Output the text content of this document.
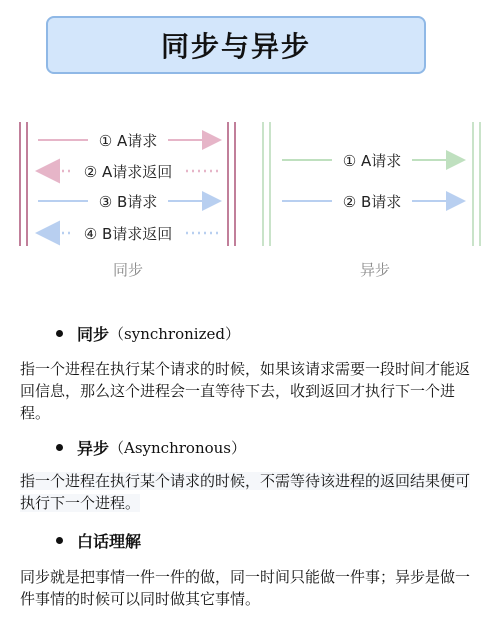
同步与异步
① A请求
② A请求返回
③ B请求
④ B请求返回
同步
① A请求
② B请求
异步
同步 （synchronized）
指一个进程在执行某个请求的时候，如果该请求需要一段时间才能返回信息，那么这个进程会一直等待下去，收到返回才执行下一个进程。
异步 （Asynchronous）
指一个进程在执行某个请求的时候，不需等待该进程的返回结果便可执行下一个进程。
白话理解
同步就是把事情一件一件的做，同一时间只能做一件事；异步是做一件事情的时候可以同时做其它事情。
